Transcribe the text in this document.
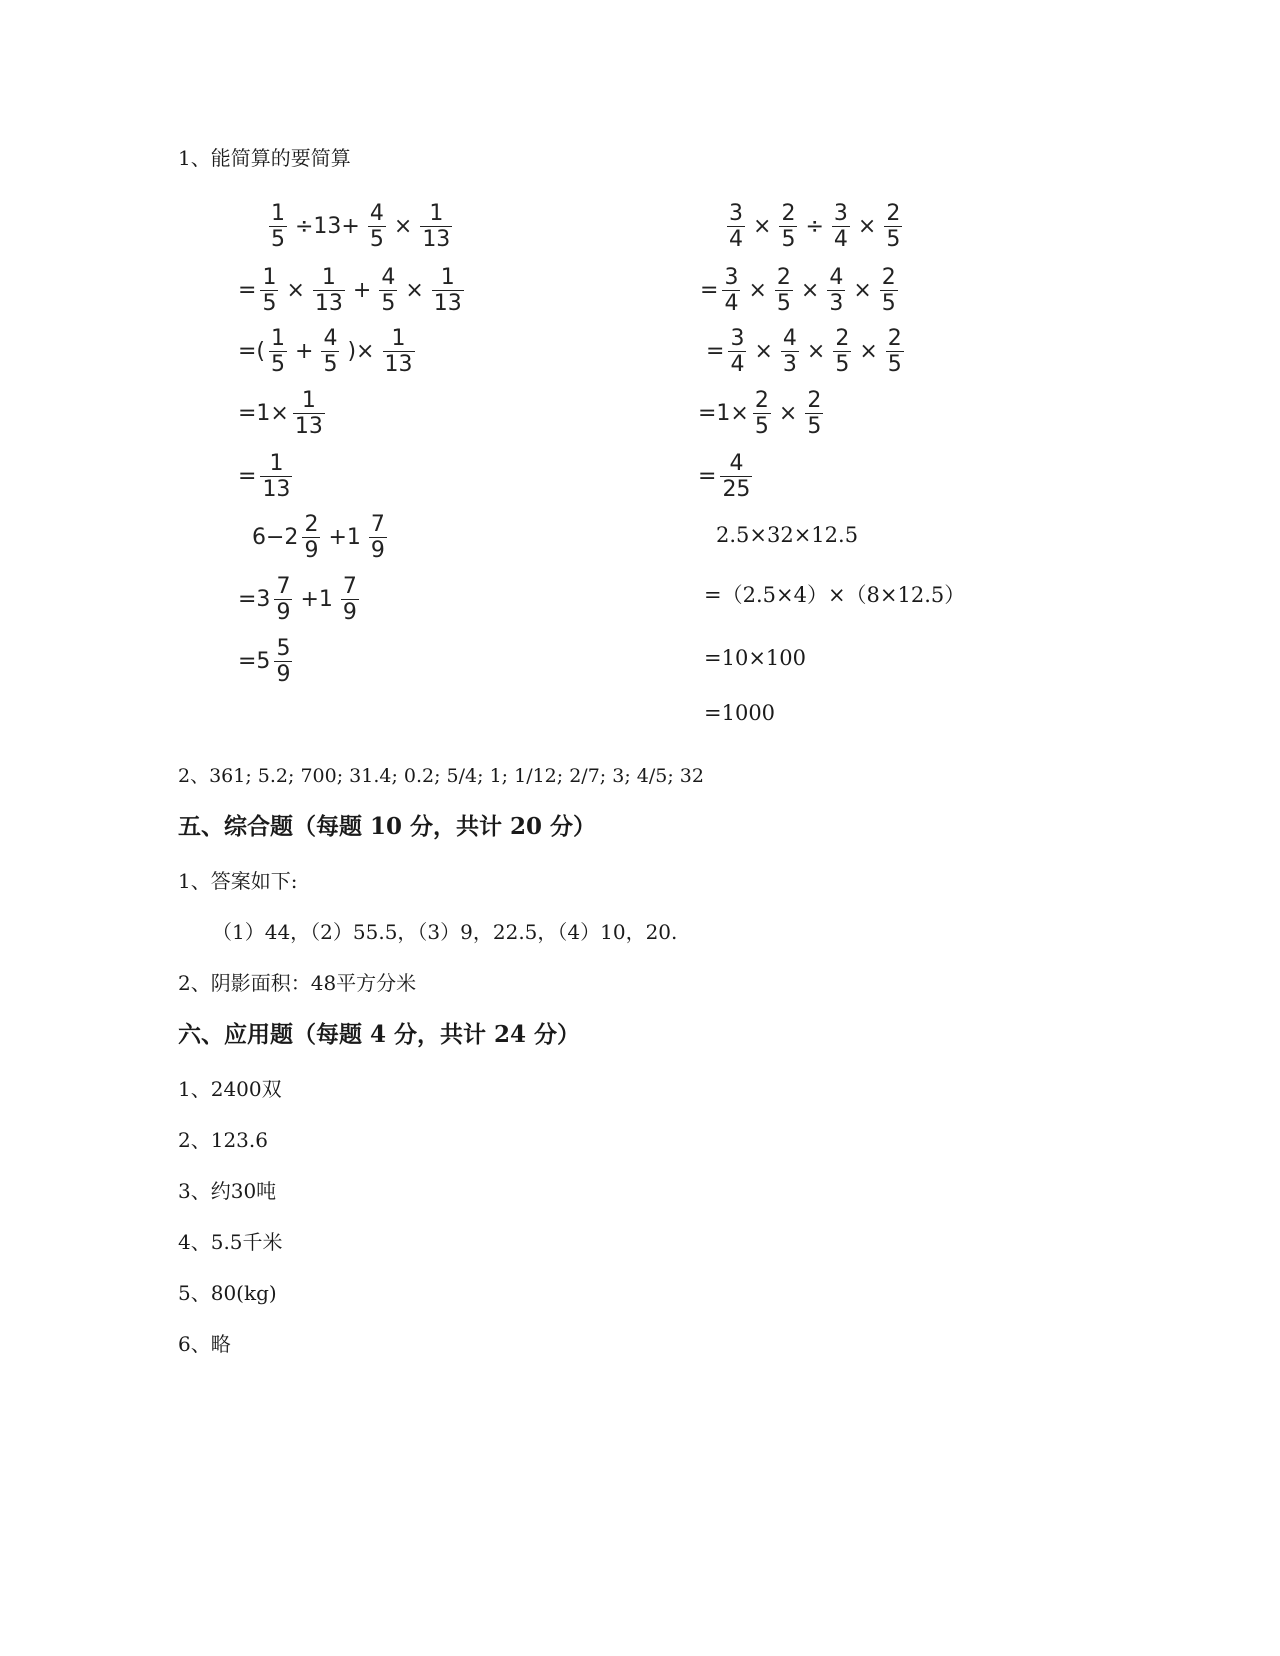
1、能简算的要简算
$\frac{1}{5} \div 13+ \frac{4}{5} \times \frac{1}{13}$
= $\frac{1}{5} \times \frac{1}{13} + \frac{4}{5} \times \frac{1}{13}$
=( $\frac{1}{5} + \frac{4}{5}$ )× $\frac{1}{13}$
$=1\times \frac{1}{13}$
= $\frac{1}{13}$
$6-2 \frac{2}{9} +1 \frac{7}{9}$
$=3 \frac{7}{9} +1 \frac{7}{9}$
$=5 \frac{5}{9}$
$\frac{3}{4} \times \frac{2}{5} \div \frac{3}{4} \times \frac{2}{5}$
= $\frac{3}{4} \times \frac{2}{5} \times \frac{4}{3} \times \frac{2}{5}$
= $\frac{3}{4} \times \frac{4}{3} \times \frac{2}{5} \times \frac{2}{5}$
$=1\times \frac{2}{5} \times \frac{2}{5}$
= $\frac{4}{25}$
2.5×32×12.5
=（2.5×4）×（8×12.5）
=10×100
=1000
2、361; 5.2; 700; 31.4; 0.2; 5/4; 1; 1/12; 2/7; 3; 4/5; 32
五、综合题（每题 10 分，共计 20 分）
1、答案如下:
（1）44，（2）55.5，（3）9，22.5，（4）10，20.
2、阴影面积：48平方分米
六、应用题（每题 4 分，共计 24 分）
1、2400双
2、123.6
3、约30吨
4、5.5千米
5、80(kg)
6、略
